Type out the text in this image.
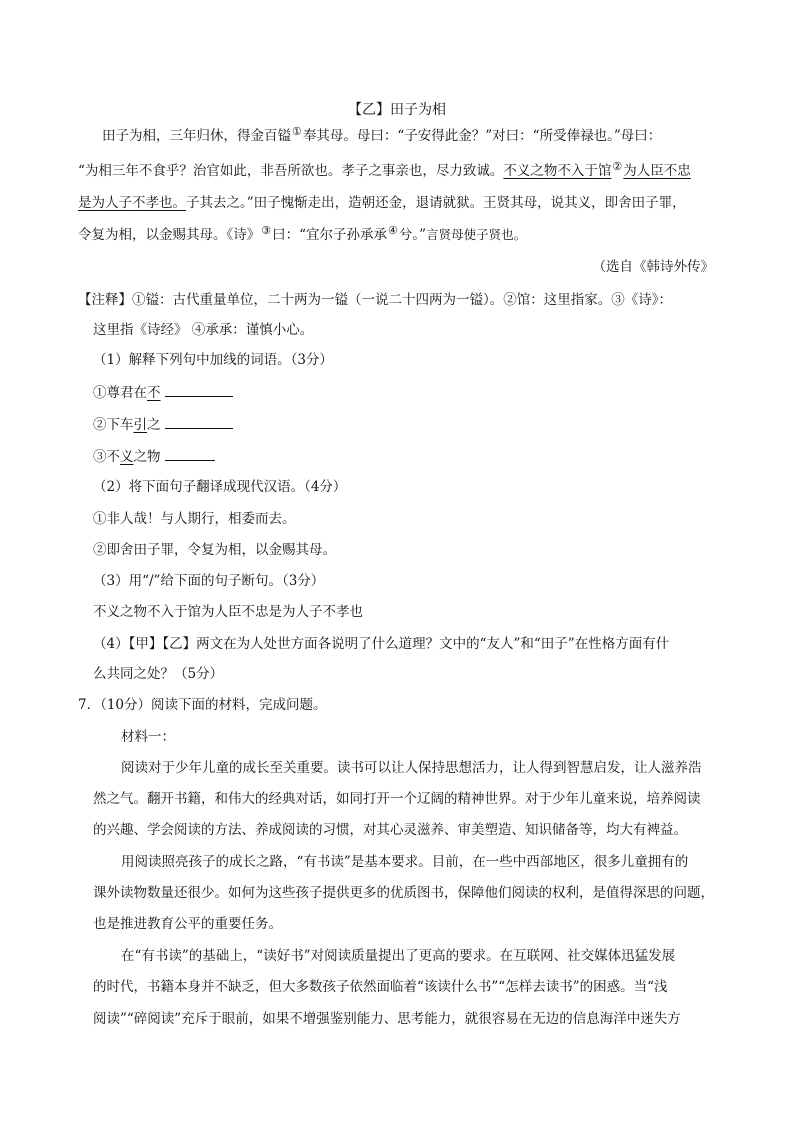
【乙】田子为相
田子为相，三年归休，得金百镒①奉其母。母曰：“子安得此金？”对曰：“所受俸禄也。”母曰：
“为相三年不食乎？治官如此，非吾所欲也。孝子之事亲也，尽力致诚。不义之物不入于馆②为人臣不忠
是为人子不孝也。子其去之。”田子愧惭走出，造朝还金，退请就狱。王贤其母，说其义，即舍田子罪，
令复为相，以金赐其母。《诗》③曰：“宜尔子孙承承④兮。”言贤母使子贤也。
（选自《韩诗外传》
【注释】①镒：古代重量单位，二十两为一镒（一说二十四两为一镒）。②馆：这里指家。③《诗》：
这里指《诗经》 ④承承：谨慎小心。
（1）解释下列句中加线的词语。（3分）
①尊君在不
②下车引之
③不义之物
（2）将下面句子翻译成现代汉语。（4分）
①非人哉！与人期行，相委而去。
②即舍田子罪，令复为相，以金赐其母。
（3）用“/”给下面的句子断句。（3分）
不义之物不入于馆为人臣不忠是为人子不孝也
（4）【甲】【乙】两文在为人处世方面各说明了什么道理？文中的“友人”和“田子”在性格方面有什
么共同之处？（5分）
7．（10分）阅读下面的材料，完成问题。
材料一：
阅读对于少年儿童的成长至关重要。读书可以让人保持思想活力，让人得到智慧启发，让人滋养浩
然之气。翻开书籍，和伟大的经典对话，如同打开一个辽阔的精神世界。对于少年儿童来说，培养阅读
的兴趣、学会阅读的方法、养成阅读的习惯，对其心灵滋养、审美塑造、知识储备等，均大有裨益。
用阅读照亮孩子的成长之路，“有书读”是基本要求。目前，在一些中西部地区，很多儿童拥有的
课外读物数量还很少。如何为这些孩子提供更多的优质图书，保障他们阅读的权利，是值得深思的问题，
也是推进教育公平的重要任务。
在“有书读”的基础上，“读好书”对阅读质量提出了更高的要求。在互联网、社交媒体迅猛发展
的时代，书籍本身并不缺乏，但大多数孩子依然面临着“该读什么书”“怎样去读书”的困惑。当“浅
阅读”“碎阅读”充斥于眼前，如果不增强鉴别能力、思考能力，就很容易在无边的信息海洋中迷失方
